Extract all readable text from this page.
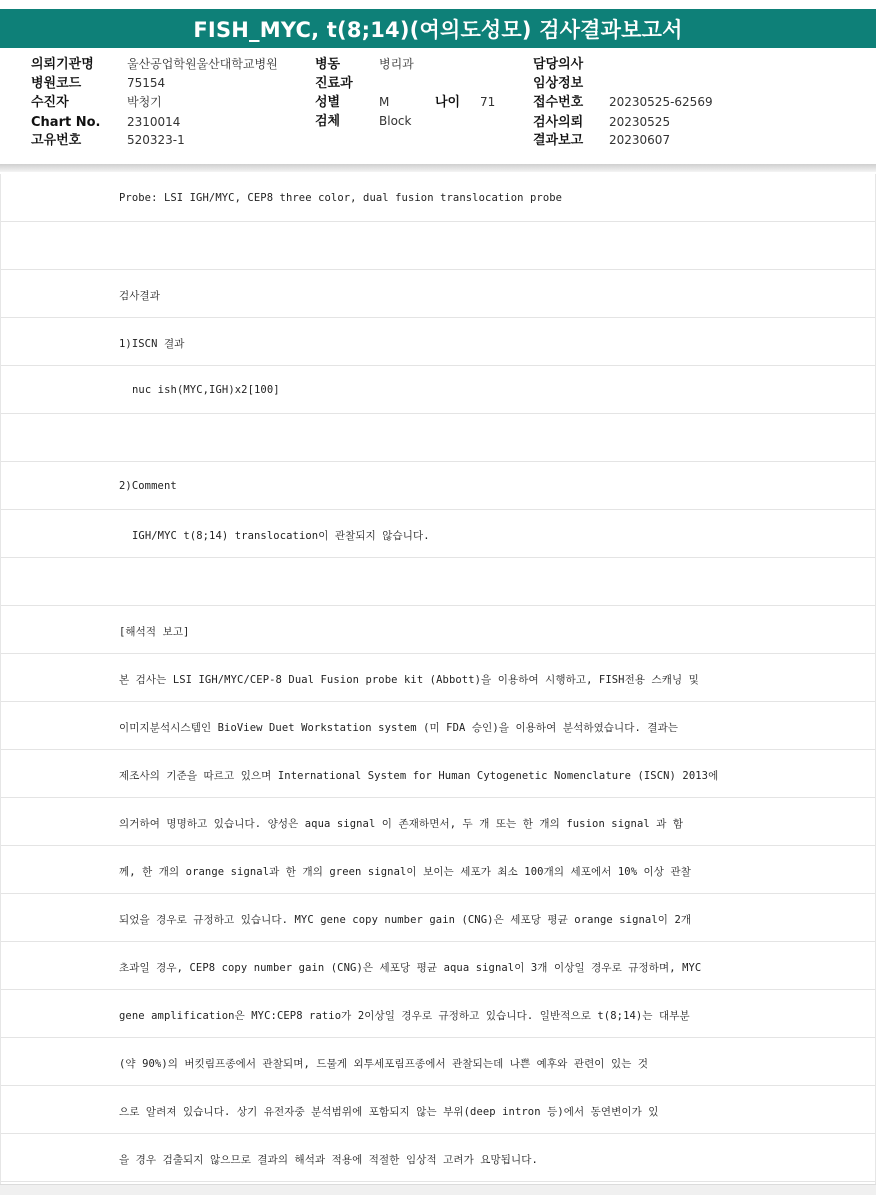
FISH_MYC, t(8;14)(여의도성모) 검사결과보고서
의뢰기관명	울산공업학원울산대학교병원
병원코드	75154
수진자	박청기
Chart No. 2310014
고유번호	520323-1
병동	병리과
진료과
성별	M
검체	Block
나이 71
담당의사
임상정보
접수번호 20230525-62569
검사의뢰 20230525
결과보고 20230607
Probe: LSI IGH/MYC, CEP8 three color, dual fusion translocation probe
검사결과
1)ISCN 결과
nuc ish(MYC,IGH)x2[100]
2)Comment
IGH/MYC t(8;14) translocation이 관찰되지 않습니다.
[해석적 보고]
본 검사는 LSI IGH/MYC/CEP-8 Dual Fusion probe kit (Abbott)을 이용하여 시행하고, FISH전용 스캐닝 및
이미지분석시스템인 BioView Duet Workstation system (미 FDA 승인)을 이용하여 분석하였습니다. 결과는
제조사의 기준을 따르고 있으며 International System for Human Cytogenetic Nomenclature (ISCN) 2013에
의거하여 명명하고 있습니다. 양성은 aqua signal 이 존재하면서, 두 개 또는 한 개의 fusion signal 과 함
께, 한 개의 orange signal과 한 개의 green signal이 보이는 세포가 최소 100개의 세포에서 10% 이상 관찰
되었을 경우로 규정하고 있습니다. MYC gene copy number gain (CNG)은 세포당 평균 orange signal이 2개
초과일 경우, CEP8 copy number gain (CNG)은 세포당 평균 aqua signal이 3개 이상일 경우로 규정하며, MYC
gene amplification은 MYC:CEP8 ratio가 2이상일 경우로 규정하고 있습니다. 일반적으로 t(8;14)는 대부분
(약 90%)의 버킷림프종에서 관찰되며, 드물게 외투세포림프종에서 관찰되는데 나쁜 예후와 관련이 있는 것
으로 알려져 있습니다. 상기 유전자중 분석범위에 포함되지 않는 부위(deep intron 등)에서 동연변이가 있
을 경우 검출되지 않으므로 결과의 해석과 적용에 적절한 임상적 고려가 요망됩니다.
